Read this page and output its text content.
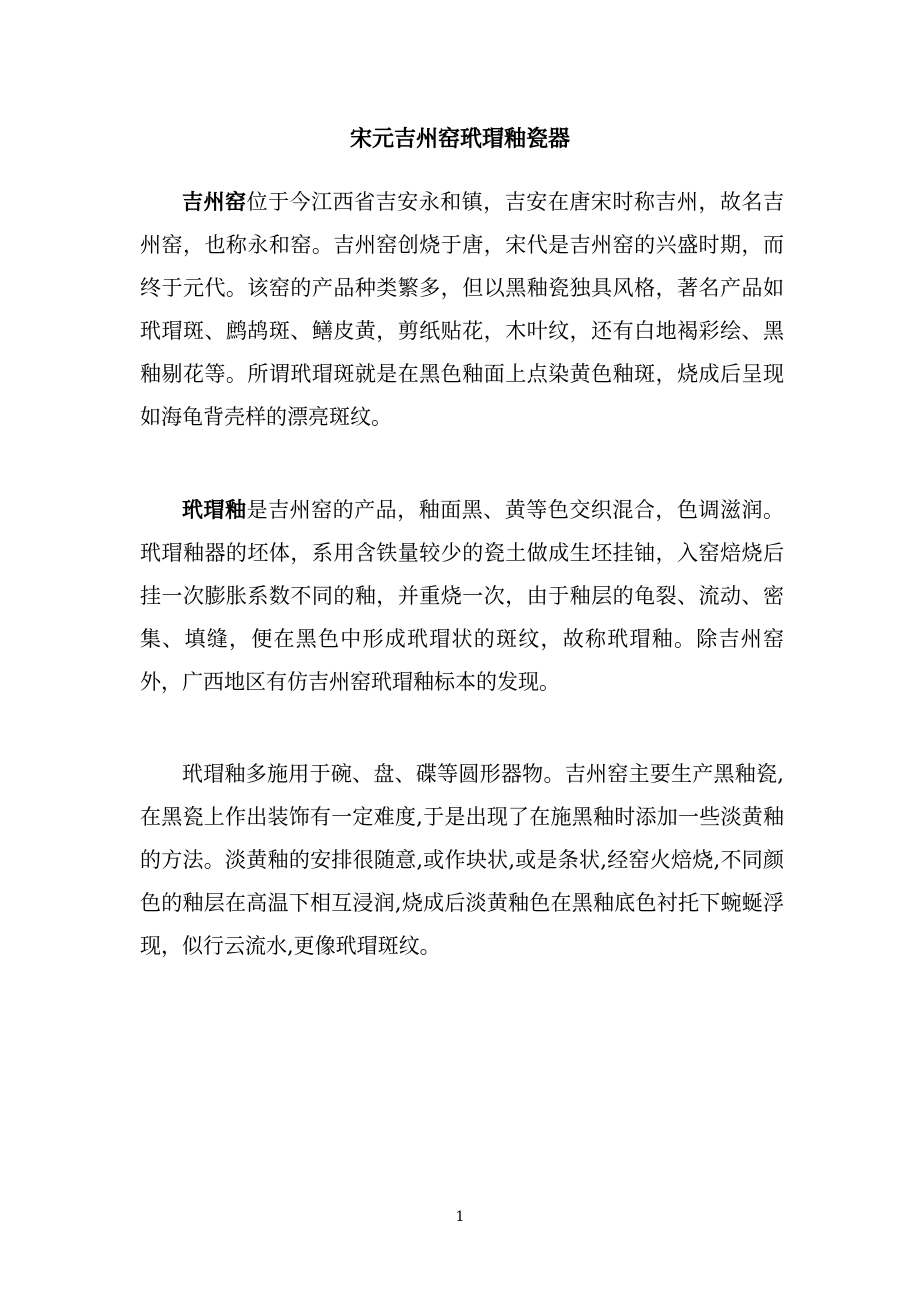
宋元吉州窑玳瑁釉瓷器

吉州窑位于今江西省吉安永和镇，吉安在唐宋时称吉州，故名吉州窑，也称永和窑。吉州窑创烧于唐，宋代是吉州窑的兴盛时期，而终于元代。该窑的产品种类繁多，但以黑釉瓷独具风格，著名产品如玳瑁斑、鹧鸪斑、鳝皮黄，剪纸贴花，木叶纹，还有白地褐彩绘、黑釉剔花等。所谓玳瑁斑就是在黑色釉面上点染黄色釉斑，烧成后呈现如海龟背壳样的漂亮斑纹。

玳瑁釉是吉州窑的产品，釉面黑、黄等色交织混合，色调滋润。玳瑁釉器的坯体，系用含铁量较少的瓷土做成生坯挂铀，入窑焙烧后挂一次膨胀系数不同的釉，并重烧一次，由于釉层的龟裂、流动、密集、填缝，便在黑色中形成玳瑁状的斑纹，故称玳瑁釉。除吉州窑外，广西地区有仿吉州窑玳瑁釉标本的发现。

玳瑁釉多施用于碗、盘、碟等圆形器物。吉州窑主要生产黑釉瓷,在黑瓷上作出装饰有一定难度,于是出现了在施黑釉时添加一些淡黄釉的方法。淡黄釉的安排很随意,或作块状,或是条状,经窑火焙烧,不同颜色的釉层在高温下相互浸润,烧成后淡黄釉色在黑釉底色衬托下蜿蜒浮现，似行云流水,更像玳瑁斑纹。

1
